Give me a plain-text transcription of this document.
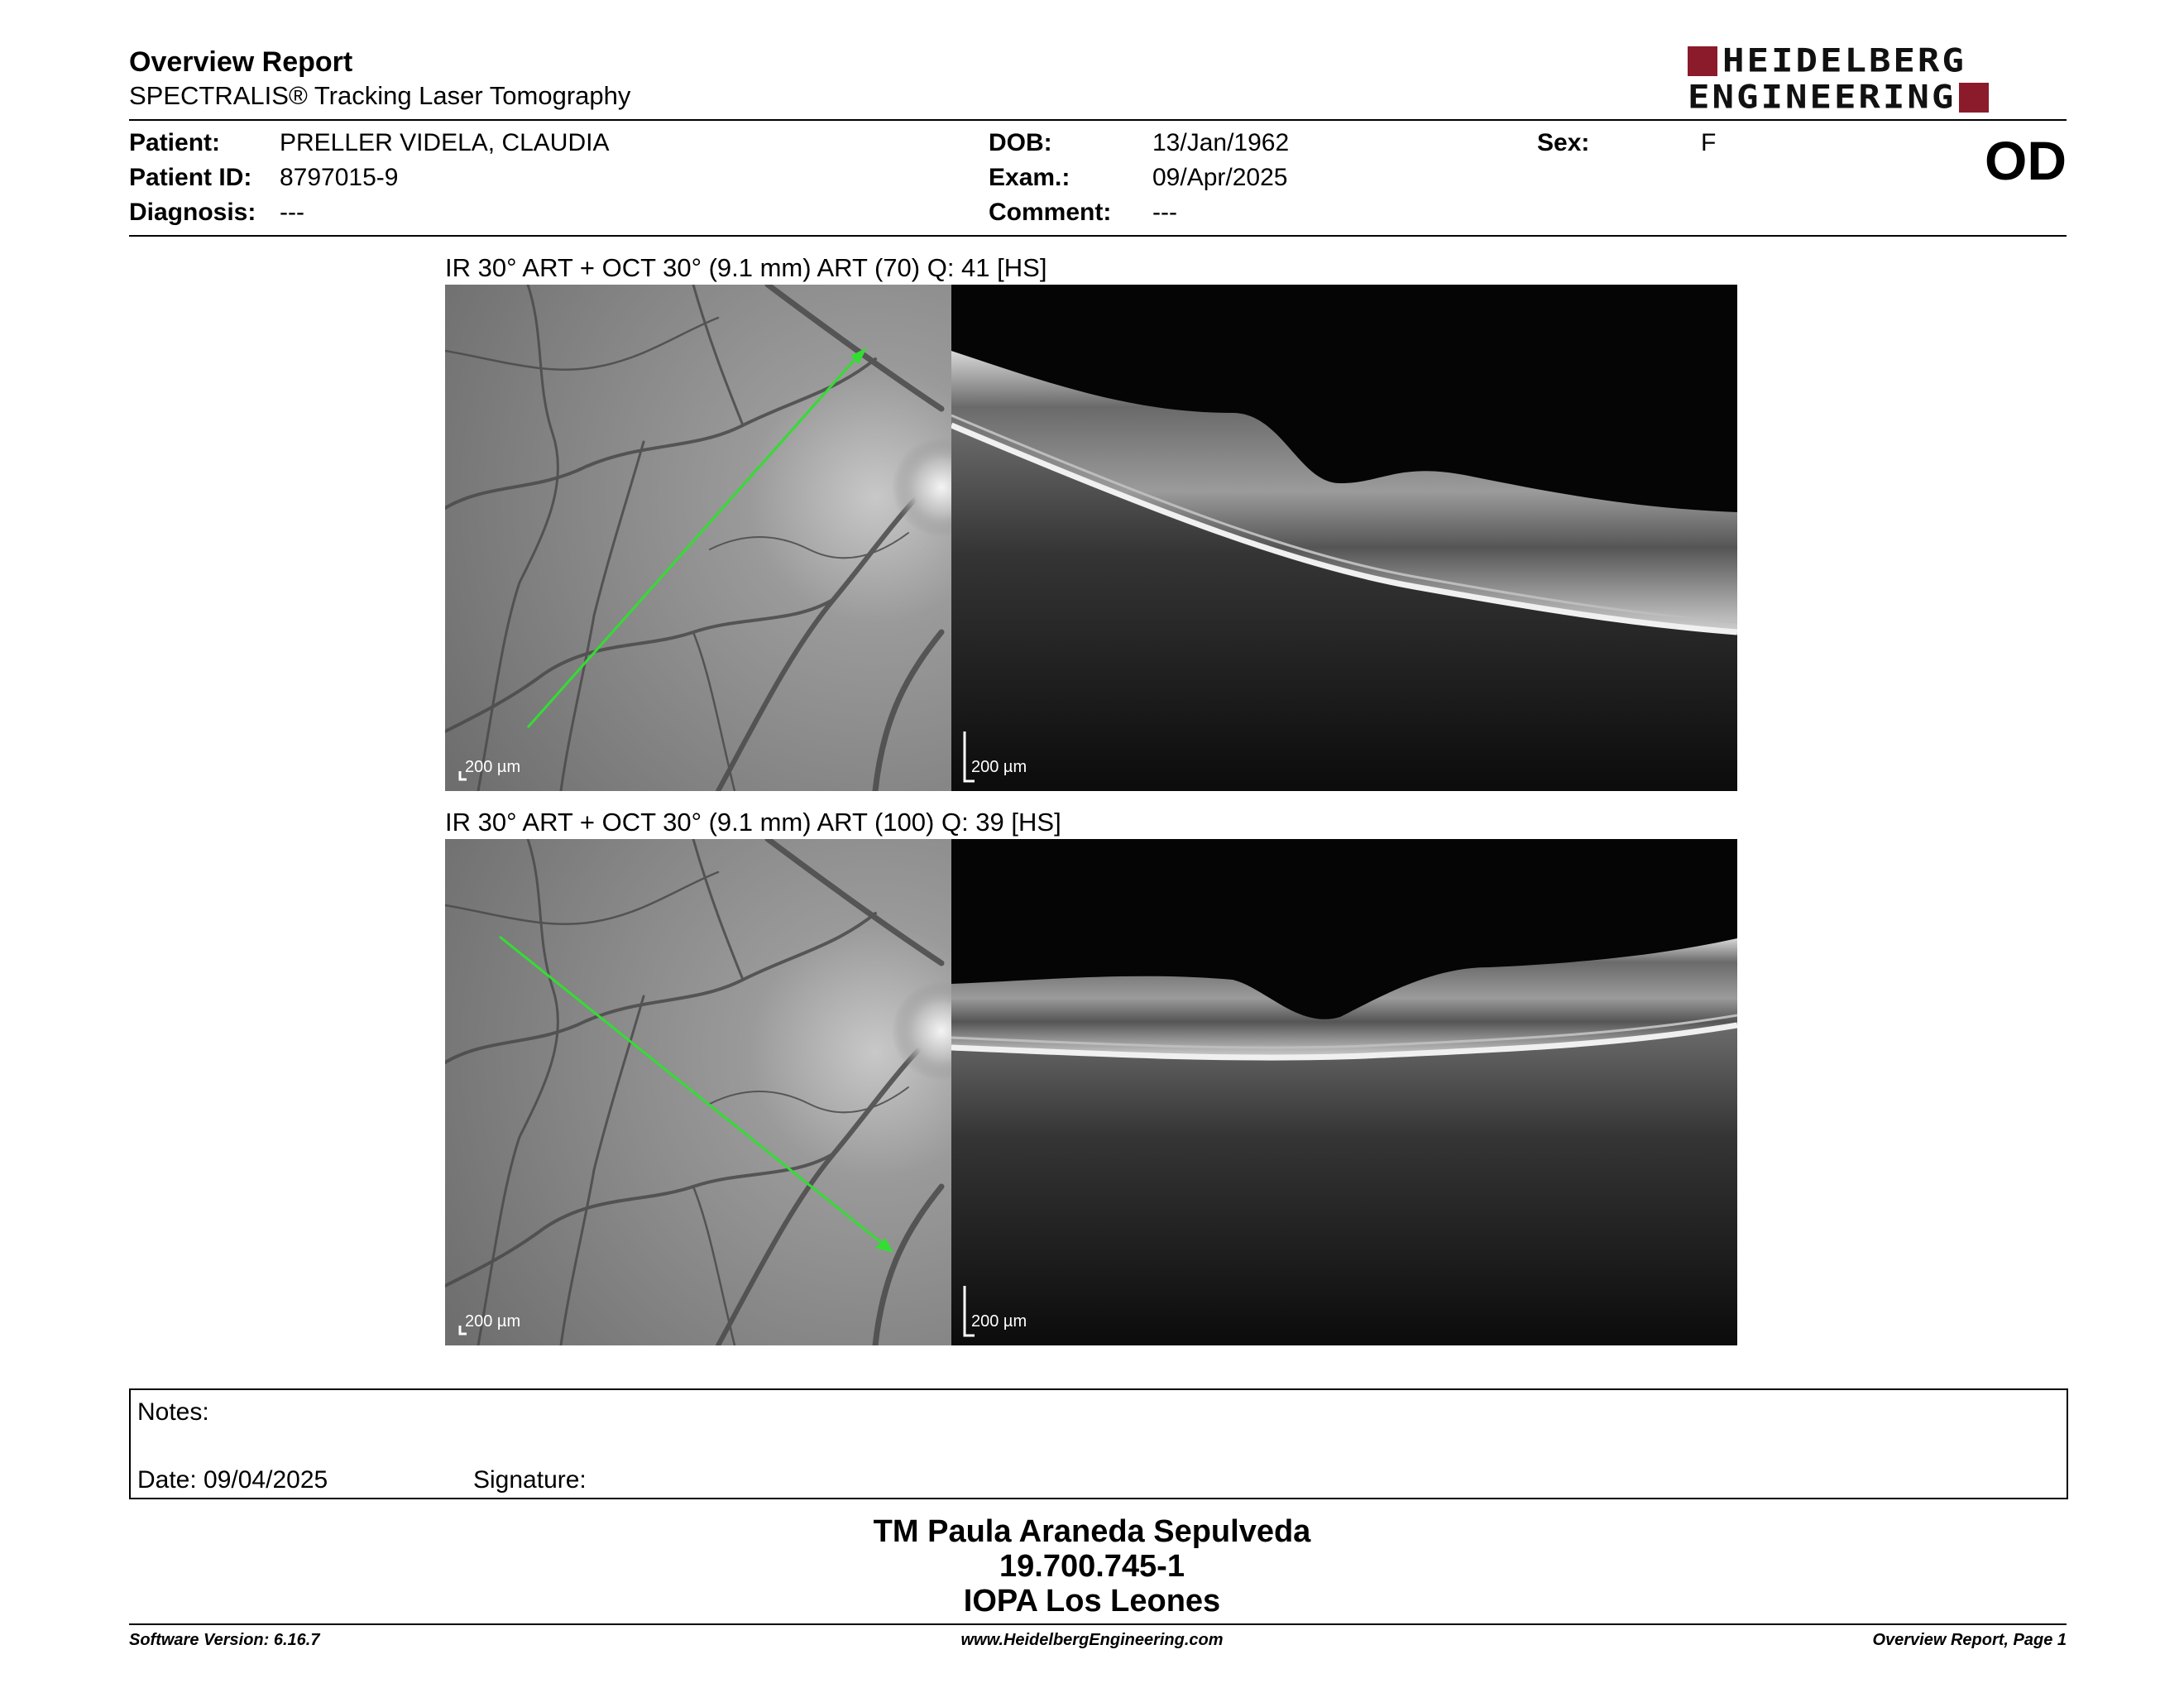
Overview Report
SPECTRALIS® Tracking Laser Tomography
HEIDELBERG
ENGINEERING
Patient: PRELLER VIDELA, CLAUDIA
Patient ID: 8797015-9
Diagnosis: ---
DOB:	13/Jan/1962
Exam.:	09/Apr/2025
Comment: ---
Sex:	F	OD
IR 30° ART + OCT 30° (9.1 mm) ART (70) Q: 41 [HS]
200 µm	200 µm
IR 30° ART + OCT 30° (9.1 mm) ART (100) Q: 39 [HS]
200 µm	200 µm
Notes:
Date: 09/04/2025	Signature:
TM Paula Araneda Sepulveda
19.700.745-1
IOPA Los Leones
Software Version: 6.16.7	www.HeidelbergEngineering.com	Overview Report, Page 1
